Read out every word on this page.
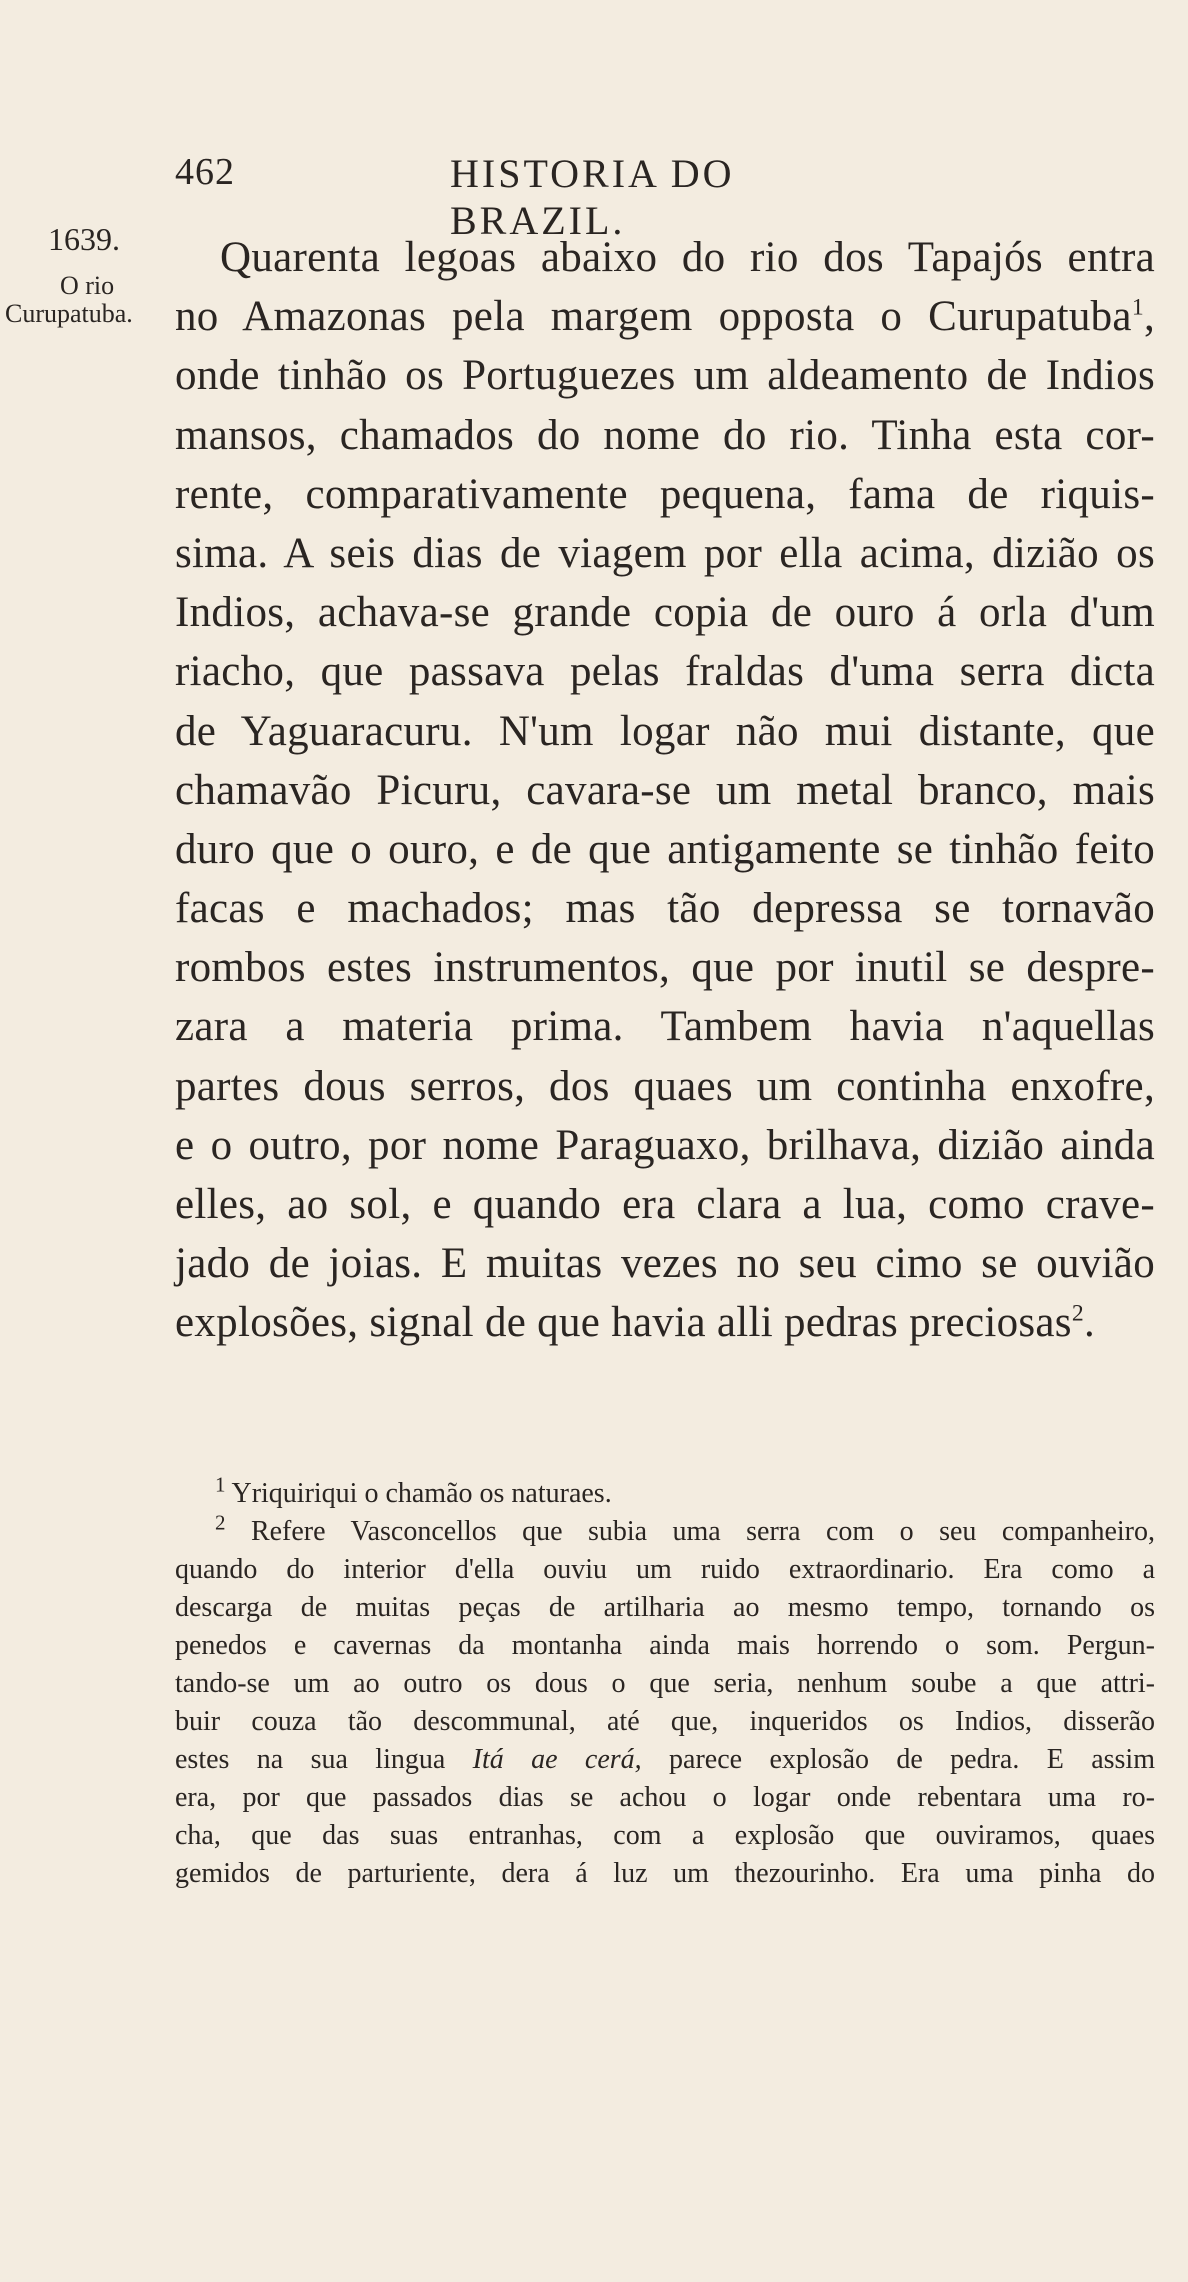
462	HISTORIA DO BRAZIL.
1639.
O rio
Curupatuba.
Quarenta legoas abaixo do rio dos Tapajós entra
no Amazonas pela margem opposta o Curupatuba$^1$,
onde tinhão os Portuguezes um aldeamento de Indios
mansos, chamados do nome do rio. Tinha esta cor-
rente, comparativamente pequena, fama de riquis-
sima. A seis dias de viagem por ella acima, dizião os
Indios, achava-se grande copia de ouro á orla d'um
riacho, que passava pelas fraldas d'uma serra dicta
de Yaguaracuru. N'um logar não mui distante, que
chamavão Picuru, cavara-se um metal branco, mais
duro que o ouro, e de que antigamente se tinhão feito
facas e machados; mas tão depressa se tornavão
rombos estes instrumentos, que por inutil se despre-
zara a materia prima. Tambem havia n'aquellas
partes dous serros, dos quaes um continha enxofre,
e o outro, por nome Paraguaxo, brilhava, dizião ainda
elles, ao sol, e quando era clara a lua, como crave-
jado de joias. E muitas vezes no seu cimo se ouvião
explosões, signal de que havia alli pedras preciosas$^2$.
$^1$ Yriquiriqui o chamão os naturaes.
$^2$ Refere Vasconcellos que subia uma serra com o seu companheiro,
quando do interior d'ella ouviu um ruido extraordinario. Era como a
descarga de muitas peças de artilharia ao mesmo tempo, tornando os
penedos e cavernas da montanha ainda mais horrendo o som. Pergun-
tando-se um ao outro os dous o que seria, nenhum soube a que attri-
buir couza tão descommunal, até que, inqueridos os Indios, disserão
estes na sua lingua Itá ae cerá, parece explosão de pedra. E assim
era, por que passados dias se achou o logar onde rebentara uma ro-
cha, que das suas entranhas, com a explosão que ouviramos, quaes
gemidos de parturiente, dera á luz um thezourinho. Era uma pinha do
